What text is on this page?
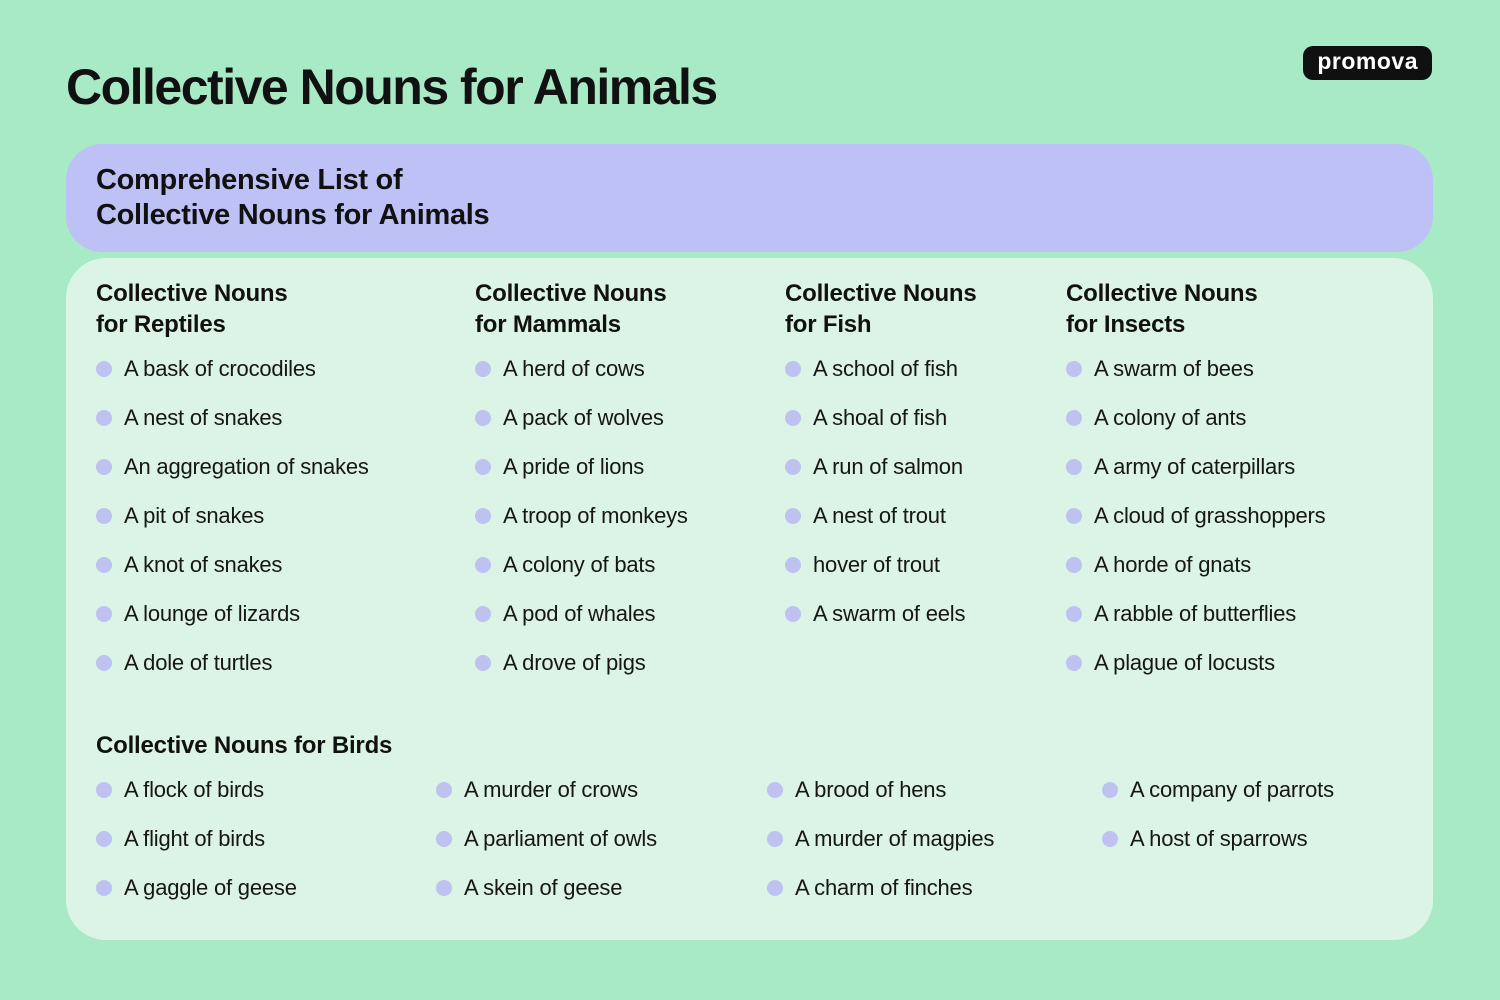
Collective Nouns for Animals	promova
Comprehensive List of
Collective Nouns for Animals
Collective Nouns
for Reptiles
A bask of crocodiles
A nest of snakes
An aggregation of snakes
A pit of snakes
A knot of snakes
A lounge of lizards
A dole of turtles
Collective Nouns
for Mammals
A herd of cows
A pack of wolves
A pride of lions
A troop of monkeys
A colony of bats
A pod of whales
A drove of pigs
Collective Nouns
for Fish
A school of fish
A shoal of fish
A run of salmon
A nest of trout
hover of trout
A swarm of eels
Collective Nouns
for Insects
A swarm of bees
A colony of ants
A army of caterpillars
A cloud of grasshoppers
A horde of gnats
A rabble of butterflies
A plague of locusts
Collective Nouns for Birds
A flock of birds
A flight of birds
A gaggle of geese
A murder of crows
A parliament of owls
A skein of geese
A brood of hens
A murder of magpies
A charm of finches
A company of parrots
A host of sparrows
